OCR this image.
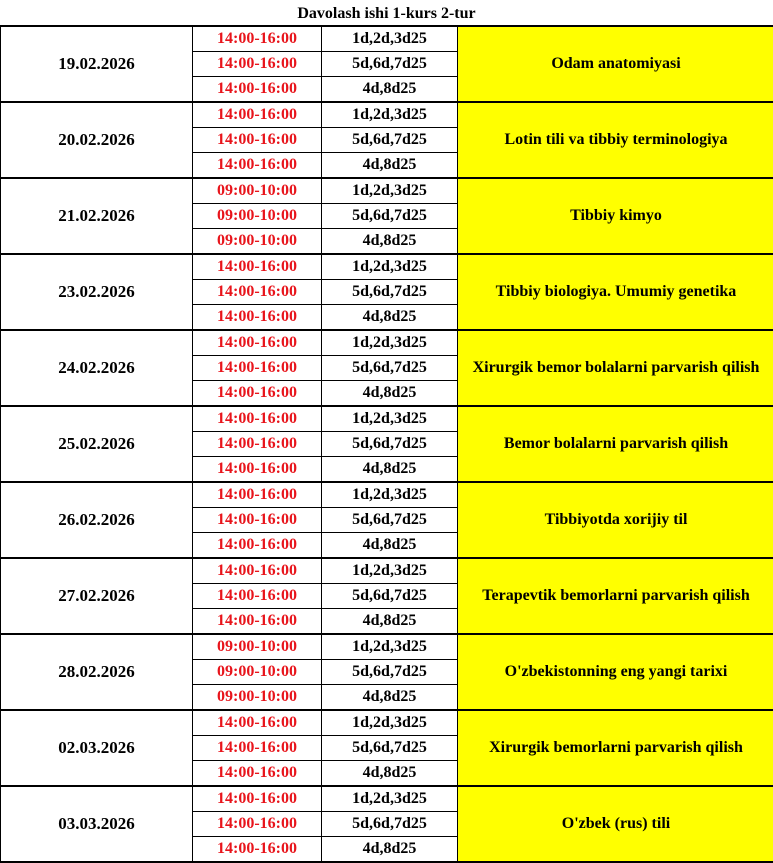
Davolash ishi 1-kurs 2-tur
19.02.2026	14:00-16:00	1d,2d,3d25	Odam anatomiyasi

	14:00-16:00	5d,6d,7d25	
	14:00-16:00	4d,8d25	
20.02.2026	14:00-16:00	1d,2d,3d25	Lotin tili va tibbiy terminologiya

	14:00-16:00	5d,6d,7d25	
	14:00-16:00	4d,8d25	
21.02.2026	09:00-10:00	1d,2d,3d25	Tibbiy kimyo

	09:00-10:00	5d,6d,7d25	
	09:00-10:00	4d,8d25	
23.02.2026	14:00-16:00	1d,2d,3d25	Tibbiy biologiya. Umumiy genetika

	14:00-16:00	5d,6d,7d25	
	14:00-16:00	4d,8d25	
24.02.2026	14:00-16:00	1d,2d,3d25	Xirurgik bemor bolalarni parvarish qilish

	14:00-16:00	5d,6d,7d25	
	14:00-16:00	4d,8d25	
25.02.2026	14:00-16:00	1d,2d,3d25	Bemor bolalarni parvarish qilish

	14:00-16:00	5d,6d,7d25	
	14:00-16:00	4d,8d25	
26.02.2026	14:00-16:00	1d,2d,3d25	Tibbiyotda xorijiy til

	14:00-16:00	5d,6d,7d25	
	14:00-16:00	4d,8d25	
27.02.2026	14:00-16:00	1d,2d,3d25	Terapevtik bemorlarni parvarish qilish

	14:00-16:00	5d,6d,7d25	
	14:00-16:00	4d,8d25	
28.02.2026	09:00-10:00	1d,2d,3d25	O'zbekistonning eng yangi tarixi

	09:00-10:00	5d,6d,7d25	
	09:00-10:00	4d,8d25	
02.03.2026	14:00-16:00	1d,2d,3d25	Xirurgik bemorlarni parvarish qilish

	14:00-16:00	5d,6d,7d25	
	14:00-16:00	4d,8d25	
03.03.2026	14:00-16:00	1d,2d,3d25	O'zbek (rus) tili

	14:00-16:00	5d,6d,7d25	
	14:00-16:00	4d,8d25	
